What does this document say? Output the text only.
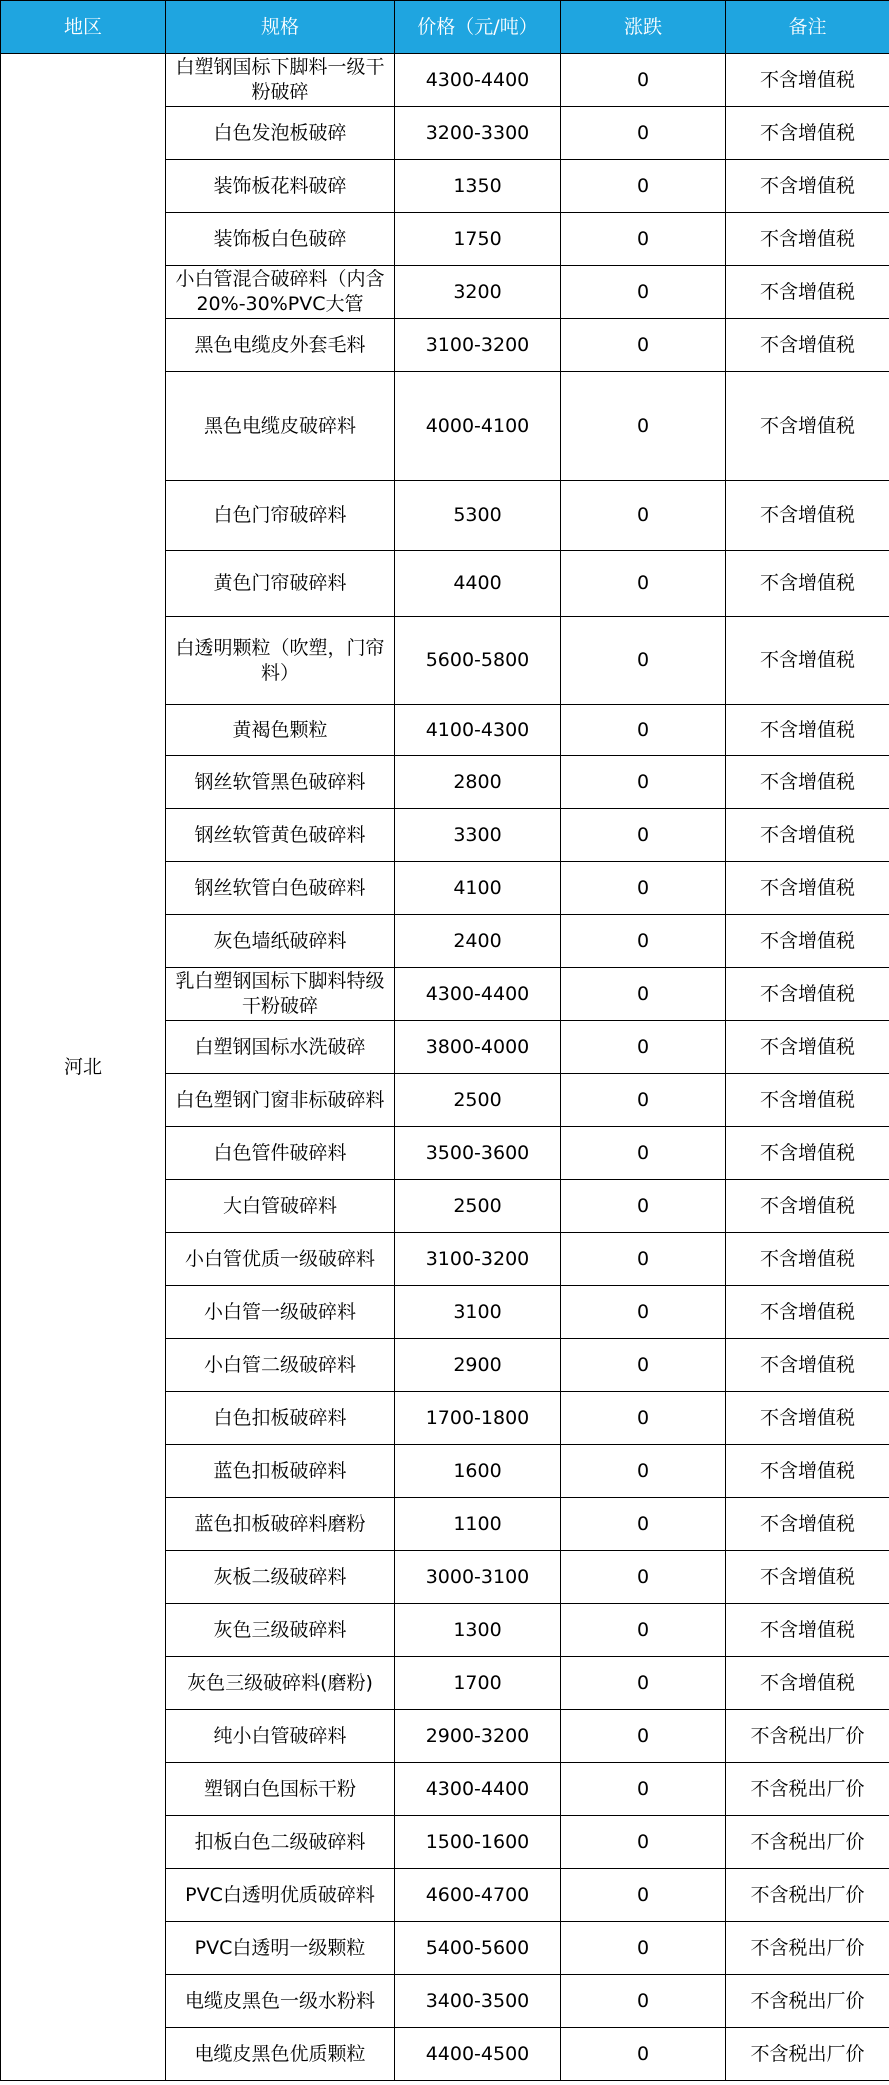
地区	规格	价格（元/吨）	涨跌	备注
河北	白塑钢国标下脚料一级干粉破碎	4300-4400	0	不含增值税
	白色发泡板破碎	3200-3300	0	不含增值税
	装饰板花料破碎	1350	0	不含增值税
	装饰板白色破碎	1750	0	不含增值税
	小白管混合破碎料（内含20%-30%PVC大管	3200	0	不含增值税
	黑色电缆皮外套毛料	3100-3200	0	不含增值税
	黑色电缆皮破碎料	4000-4100	0	不含增值税
	白色门帘破碎料	5300	0	不含增值税
	黄色门帘破碎料	4400	0	不含增值税
	白透明颗粒（吹塑，门帘料）	5600-5800	0	不含增值税
	黄褐色颗粒	4100-4300	0	不含增值税
	钢丝软管黑色破碎料	2800	0	不含增值税
	钢丝软管黄色破碎料	3300	0	不含增值税
	钢丝软管白色破碎料	4100	0	不含增值税
	灰色墙纸破碎料	2400	0	不含增值税
	乳白塑钢国标下脚料特级干粉破碎	4300-4400	0	不含增值税
	白塑钢国标水洗破碎	3800-4000	0	不含增值税
	白色塑钢门窗非标破碎料	2500	0	不含增值税
	白色管件破碎料	3500-3600	0	不含增值税
	大白管破碎料	2500	0	不含增值税
	小白管优质一级破碎料	3100-3200	0	不含增值税
	小白管一级破碎料	3100	0	不含增值税
	小白管二级破碎料	2900	0	不含增值税
	白色扣板破碎料	1700-1800	0	不含增值税
	蓝色扣板破碎料	1600	0	不含增值税
	蓝色扣板破碎料磨粉	1100	0	不含增值税
	灰板二级破碎料	3000-3100	0	不含增值税
	灰色三级破碎料	1300	0	不含增值税
	灰色三级破碎料(磨粉)	1700	0	不含增值税
	纯小白管破碎料	2900-3200	0	不含税出厂价
	塑钢白色国标干粉	4300-4400	0	不含税出厂价
	扣板白色二级破碎料	1500-1600	0	不含税出厂价
	PVC白透明优质破碎料	4600-4700	0	不含税出厂价
	PVC白透明一级颗粒	5400-5600	0	不含税出厂价
	电缆皮黑色一级水粉料	3400-3500	0	不含税出厂价
	电缆皮黑色优质颗粒	4400-4500	0	不含税出厂价
